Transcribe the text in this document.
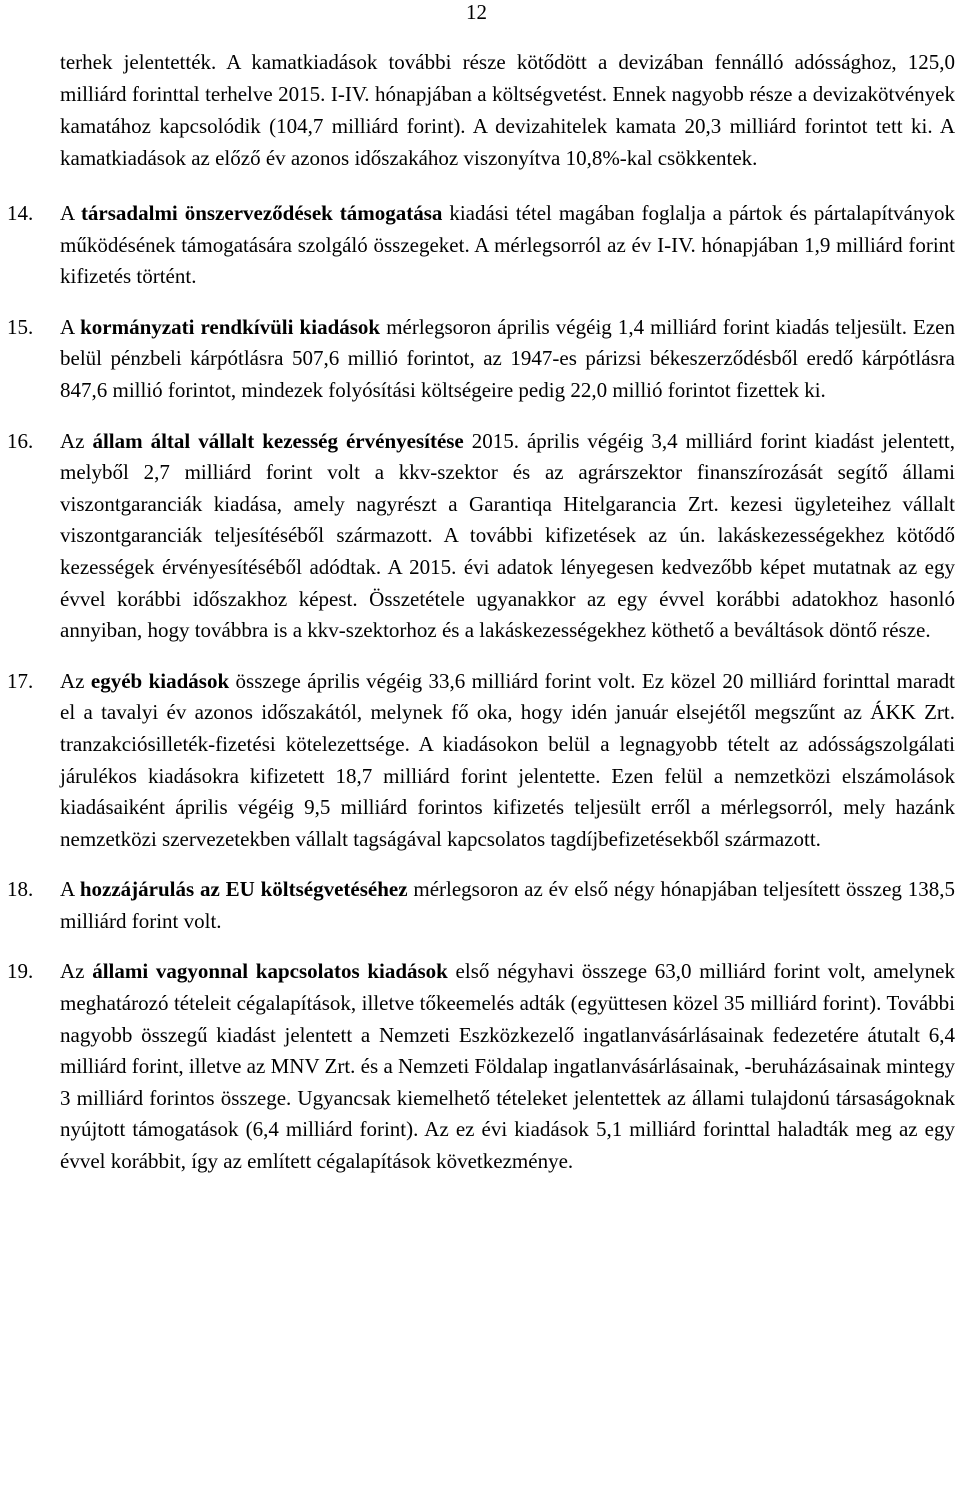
12

terhek jelentették. A kamatkiadások további része kötődött a devizában fennálló adóssághoz, 125,0 milliárd forinttal terhelve 2015. I-IV. hónapjában a költségvetést. Ennek nagyobb része a devizakötvények kamatához kapcsolódik (104,7 milliárd forint). A devizahitelek kamata 20,3 milliárd forintot tett ki. A kamatkiadások az előző év azonos időszakához viszonyítva 10,8%-kal csökkentek.

14. A társadalmi önszerveződések támogatása kiadási tétel magában foglalja a pártok és pártalapítványok működésének támogatására szolgáló összegeket. A mérlegsorról az év I-IV. hónapjában 1,9 milliárd forint kifizetés történt.

15. A kormányzati rendkívüli kiadások mérlegsoron április végéig 1,4 milliárd forint kiadás teljesült. Ezen belül pénzbeli kárpótlásra 507,6 millió forintot, az 1947-es párizsi békeszerződésből eredő kárpótlásra 847,6 millió forintot, mindezek folyósítási költségeire pedig 22,0 millió forintot fizettek ki.

16. Az állam által vállalt kezesség érvényesítése 2015. április végéig 3,4 milliárd forint kiadást jelentett, melyből 2,7 milliárd forint volt a kkv-szektor és az agrárszektor finanszírozását segítő állami viszontgaranciák kiadása, amely nagyrészt a Garantiqa Hitelgarancia Zrt. kezesi ügyleteihez vállalt viszontgaranciák teljesítéséből származott. A további kifizetések az ún. lakáskezességekhez kötődő kezességek érvényesítéséből adódtak. A 2015. évi adatok lényegesen kedvezőbb képet mutatnak az egy évvel korábbi időszakhoz képest. Összetétele ugyanakkor az egy évvel korábbi adatokhoz hasonló annyiban, hogy továbbra is a kkv-szektorhoz és a lakáskezességekhez köthető a beváltások döntő része.

17. Az egyéb kiadások összege április végéig 33,6 milliárd forint volt. Ez közel 20 milliárd forinttal maradt el a tavalyi év azonos időszakától, melynek fő oka, hogy idén január elsejétől megszűnt az ÁKK Zrt. tranzakciósilleték-fizetési kötelezettsége. A kiadásokon belül a legnagyobb tételt az adósságszolgálati járulékos kiadásokra kifizetett 18,7 milliárd forint jelentette. Ezen felül a nemzetközi elszámolások kiadásaiként április végéig 9,5 milliárd forintos kifizetés teljesült erről a mérlegsorról, mely hazánk nemzetközi szervezetekben vállalt tagságával kapcsolatos tagdíjbefizetésekből származott.

18. A hozzájárulás az EU költségvetéséhez mérlegsoron az év első négy hónapjában teljesített összeg 138,5 milliárd forint volt.

19. Az állami vagyonnal kapcsolatos kiadások első négyhavi összege 63,0 milliárd forint volt, amelynek meghatározó tételeit cégalapítások, illetve tőkeemelés adták (együttesen közel 35 milliárd forint). További nagyobb összegű kiadást jelentett a Nemzeti Eszközkezelő ingatlanvásárlásainak fedezetére átutalt 6,4 milliárd forint, illetve az MNV Zrt. és a Nemzeti Földalap ingatlanvásárlásainak, -beruházásainak mintegy 3 milliárd forintos összege. Ugyancsak kiemelhető tételeket jelentettek az állami tulajdonú társaságoknak nyújtott támogatások (6,4 milliárd forint). Az ez évi kiadások 5,1 milliárd forinttal haladták meg az egy évvel korábbit, így az említett cégalapítások következménye.
